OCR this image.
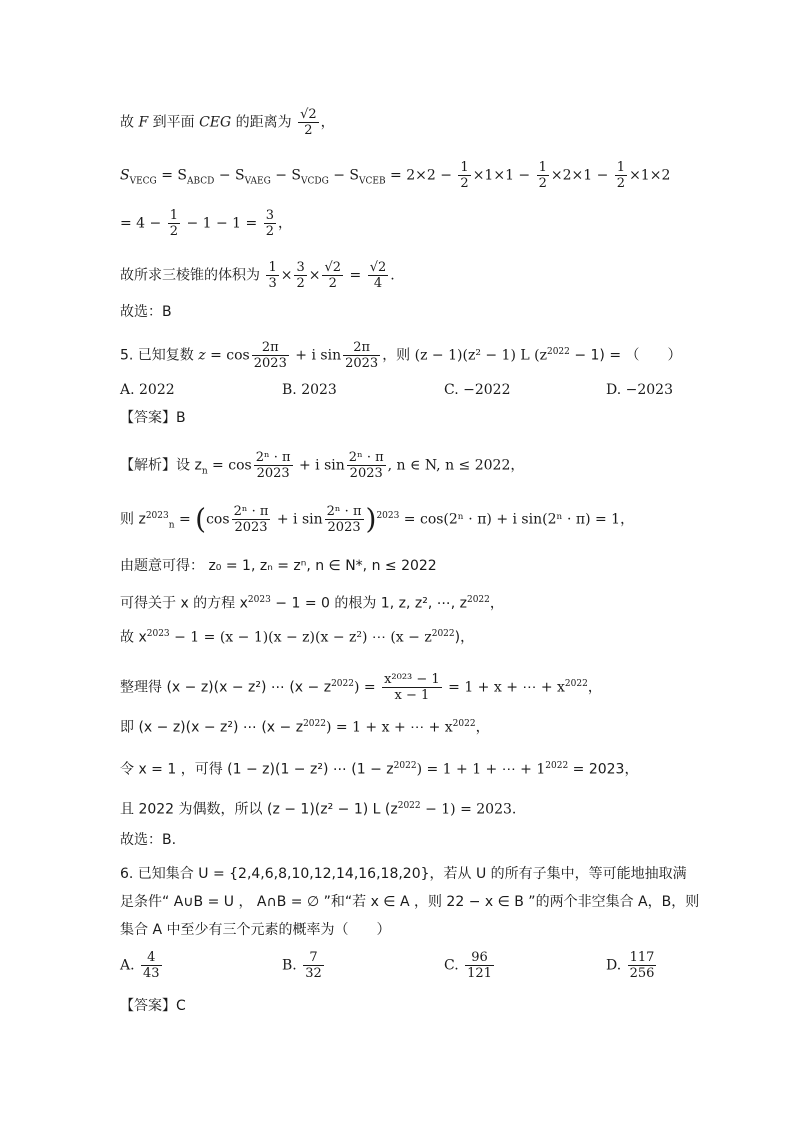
故 F 到平面 CEG 的距离为 $\frac{√2}{2}$ ，
$S_{VECG} = S_{ABCD} - S_{VAEG} - S_{VCDG} - S_{VCEB} = 2\times 2 - \frac{1}{2} \times 1\times 1 - \frac{1}{2} \times 2\times 1 - \frac{1}{2} \times 1\times 2$
= $4 - \frac{1}{2} - 1 - 1 = \frac{3}{2}$ ，
故所求三棱锥的体积为 $\frac{1}{3} \times \frac{3}{2} \times \frac{√2}{2} = \frac{√2}{4}$ .
故选：B
5. 已知复数 $z = \cos \frac{2\pi}{2023} + i$ $\sin \frac{2\pi}{2023}$ ，则 (z − 1)(z² − 1) L $(z^{2022} - 1)$ = （　　）
A. 2022	B. 2023	C. −2022	D. −2023
【答案】B
【解析】设 $z_n = \cos \frac{\text{2ⁿ · π}}{2023} + i$ $\sin \frac{\text{2ⁿ · π}}{2023}$ , n ∈ N, n ≤ 2022，
则 $z^{2023}_n = (\cos \frac{\text{2ⁿ · π}}{2023} + i$ $\sin \frac{\text{2ⁿ · π}}{2023} )^{2023} = \cos(2^n \cdot \pi) + i$ sin(2ⁿ · π) = 1，
由题意可得： z₀ = 1, zₙ = zⁿ, n ∈ N*, n ≤ 2022
可得关于 x 的方程 $x^{2023} - 1 = 0$ 的根为 1, z, z², ⋯, $z^{2022}$，
故 $x^{2023} - 1 = (x - 1)(x - z)(x - z^2)$ ⋯ $(x - z^{2022})$，
整理得 (x − z)(x − z²) ⋯ $(x - z^{2022}) = \frac{\text{x²⁰²³ − 1}}{x - 1} = 1 + x$ + ⋯ + $x^{2022}$，
即 (x − z)(x − z²) ⋯ $(x - z^{2022}) = 1 + x$ + ⋯ + $x^{2022}$，
令 x = 1 ，可得 (1 − z)(1 − z²) ⋯ $(1 - z^{2022}) = 1 + 1$ + ⋯ + $1^{2022} = 2023$，
且 2022 为偶数，所以 (z − 1)(z² − 1) L $(z^{2022} - 1) = 2023$.
故选：B.
6. 已知集合 U = {2,4,6,8,10,12,14,16,18,20}，若从 U 的所有子集中，等可能地抽取满
足条件“ A∪B = U ， A∩B = ∅ ”和“若 x ∈ A ，则 22 − x ∈ B ”的两个非空集合 A，B，则
集合 A 中至少有三个元素的概率为（　　）
A. $\frac{4}{43}$	B. $\frac{7}{32}$	C. $\frac{96}{121}$	D. $\frac{117}{256}$
【答案】C
